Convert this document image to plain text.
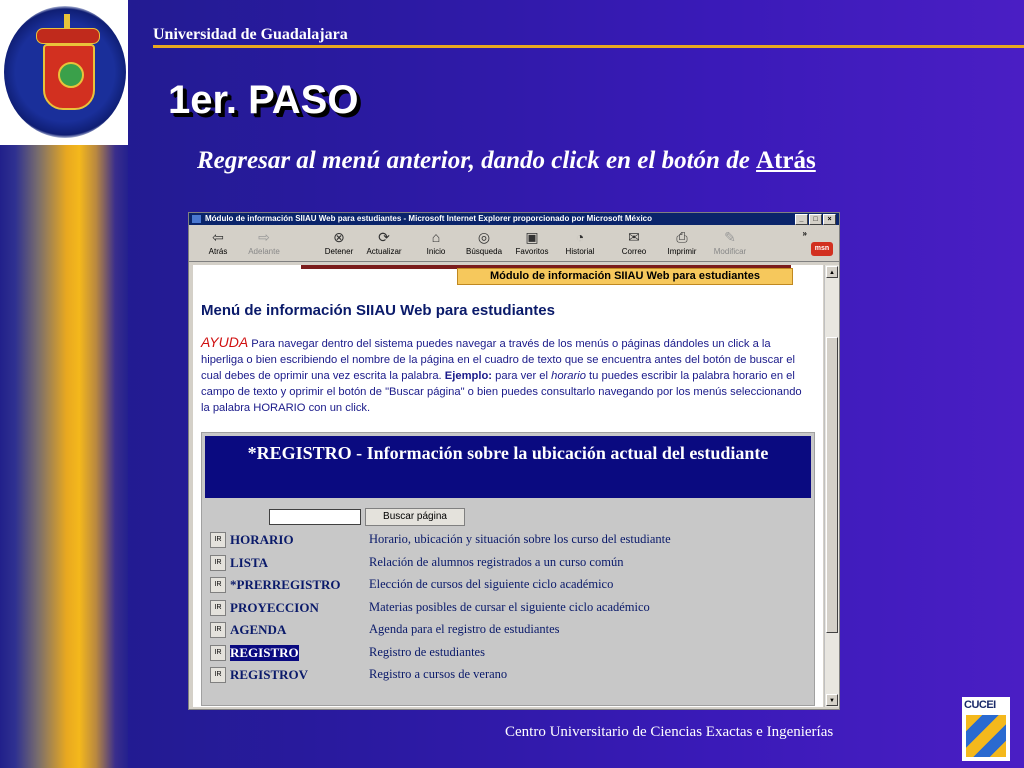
Universidad de Guadalajara
1er. PASO
Regresar al menú anterior, dando click en el botón de Atrás
Módulo de información SIIAU Web para estudiantes - Microsoft Internet Explorer proporcionado por Microsoft México	_	□	×
»
msn
⇦
Atrás
⇨
Adelante
⊗
Detener
⟳
Actualizar
⌂
Inicio
◎
Búsqueda
▣
Favoritos
◔
Historial
✉
Correo
⎙
Imprimir
✎
Modificar
Módulo de información SIIAU Web para estudiantes
Menú de información SIIAU Web para estudiantes
AYUDA Para navegar dentro del sistema puedes navegar a través de los menús o páginas dándoles un click a la hiperliga o bien escribiendo el nombre de la página en el cuadro de texto que se encuentra antes del botón de buscar el cual debes de oprimir una vez escrita la palabra. Ejemplo: para ver el horario tu puedes escribir la palabra horario en el campo de texto y oprimir el botón de "Buscar página" o bien puedes consultarlo navegando por los menús seleccionando la palabra HORARIO con un click.
*REGISTRO - Información sobre la ubicación actual del estudiante
Buscar página
IR HORARIO	Horario, ubicación y situación sobre los curso del estudiante
IR LISTA	Relación de alumnos registrados a un curso común
IR *PRERREGISTRO Elección de cursos del siguiente ciclo académico
IR PROYECCION	Materias posibles de cursar el siguiente ciclo académico
IR AGENDA	Agenda para el registro de estudiantes
IR REGISTRO	Registro de estudiantes
IR REGISTROV	Registro a cursos de verano
▲
▼
Centro Universitario de Ciencias Exactas e Ingenierías
CUCEI
